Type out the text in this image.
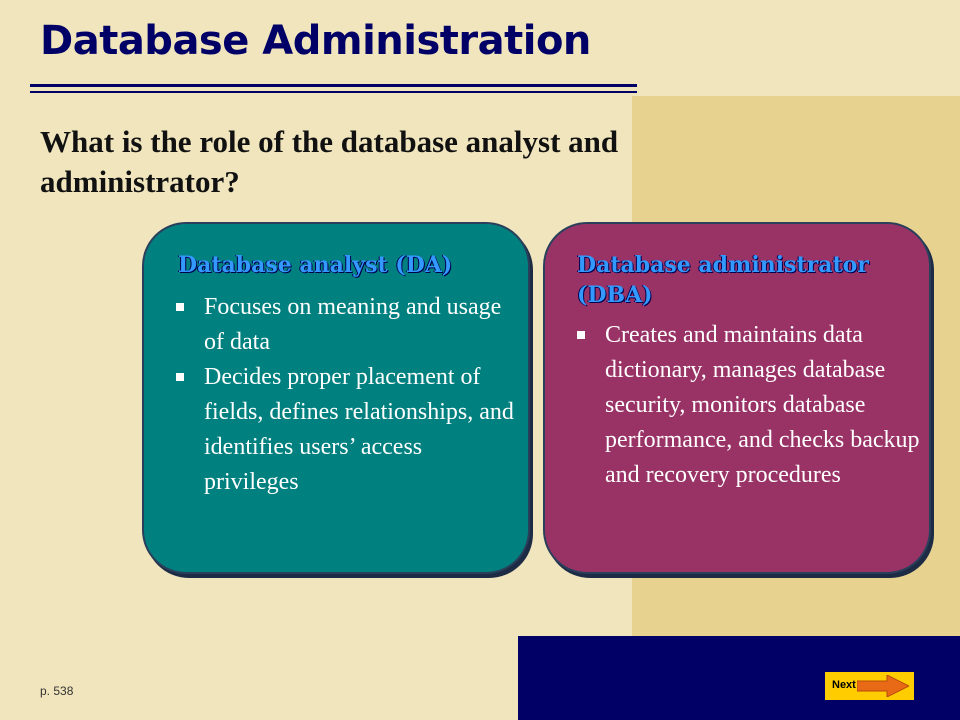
Database Administration

What is the role of the database analyst and administrator?

Database analyst (DA)
Focuses on meaning and usage of data
Decides proper placement of fields, defines relationships, and identifies users’ access privileges
Database administrator (DBA)
Creates and maintains data dictionary, manages database security, monitors database performance, and checks backup and recovery procedures
p. 538	Next
